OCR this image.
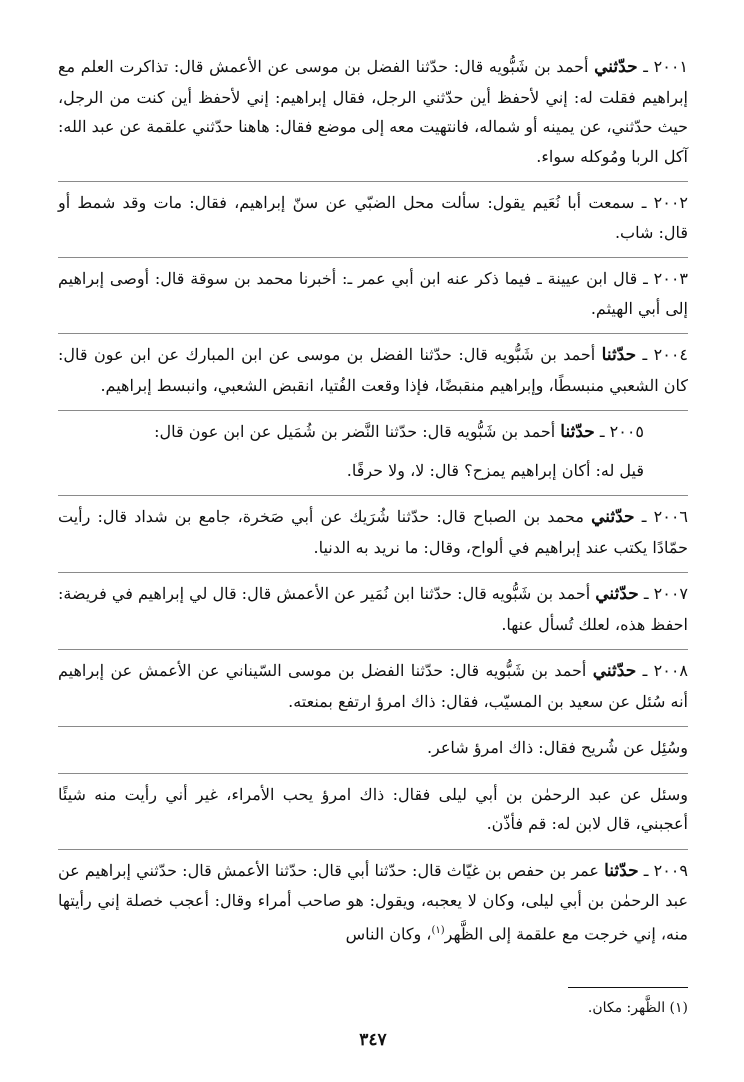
٢٠٠١ ـ حدّثني أحمد بن شَبُّويه قال: حدّثنا الفضل بن موسى عن الأعمش قال: تذاكرت العلم مع إبراهيم فقلت له: إني لأحفظ أين حدّثني الرجل، فقال إبراهيم: إني لأحفظ أين كنت من الرجل، حيث حدّثني، عن يمينه أو شماله، فانتهيت معه إلى موضع فقال: هاهنا حدّثني علقمة عن عبد الله: آكل الربا ومُوكله سواء.

٢٠٠٢ ـ سمعت أبا نُعَيم يقول: سألت محل الضبّي عن سنّ إبراهيم، فقال: مات وقد شمط أو قال: شاب.

٢٠٠٣ ـ قال ابن عيينة ـ فيما ذكر عنه ابن أبي عمر ـ: أخبرنا محمد بن سوقة قال: أوصى إبراهيم إلى أبي الهيثم.

٢٠٠٤ ـ حدّثنا أحمد بن شَبُّويه قال: حدّثنا الفضل بن موسى عن ابن المبارك عن ابن عون قال: كان الشعبي منبسطًا، وإبراهيم منقبضًا، فإذا وقعت الفُتيا، انقبض الشعبي، وانبسط إبراهيم.

٢٠٠٥ ـ حدّثنا أحمد بن شَبُّويه قال: حدّثنا النَّضر بن شُمَيل عن ابن عون قال:

قيل له: أكان إبراهيم يمزح؟ قال: لا، ولا حرفًا.

٢٠٠٦ ـ حدّثني محمد بن الصباح قال: حدّثنا شُرَيك عن أبي صَخرة، جامع بن شداد قال: رأيت حمّادًا يكتب عند إبراهيم في ألواح، وقال: ما نريد به الدنيا.

٢٠٠٧ ـ حدّثني أحمد بن شَبُّويه قال: حدّثنا ابن نُمَير عن الأعمش قال: قال لي إبراهيم في فريضة: احفظ هذه، لعلك تُسأل عنها.

٢٠٠٨ ـ حدّثني أحمد بن شَبُّويه قال: حدّثنا الفضل بن موسى السّيناني عن الأعمش عن إبراهيم أنه سُئل عن سعيد بن المسيّب، فقال: ذاك امرؤ ارتفع بمنعته.

وسُئِل عن شُريح فقال: ذاك امرؤ شاعر.

وسئل عن عبد الرحمٰن بن أبي ليلى فقال: ذاك امرؤ يحب الأمراء، غير أني رأيت منه شيئًا أعجبني، قال لابن له: قم فأذّن.

٢٠٠٩ ـ حدّثنا عمر بن حفص بن غيّاث قال: حدّثنا أبي قال: حدّثنا الأعمش قال: حدّثني إبراهيم عن عبد الرحمٰن بن أبي ليلى، وكان لا يعجبه، ويقول: هو صاحب أمراء وقال: أعجب خصلة إني رأيتها منه، إني خرجت مع علقمة إلى الظَّهر$^{(١)}$، وكان الناس

(١) الظَّهر: مكان.

٣٤٧
